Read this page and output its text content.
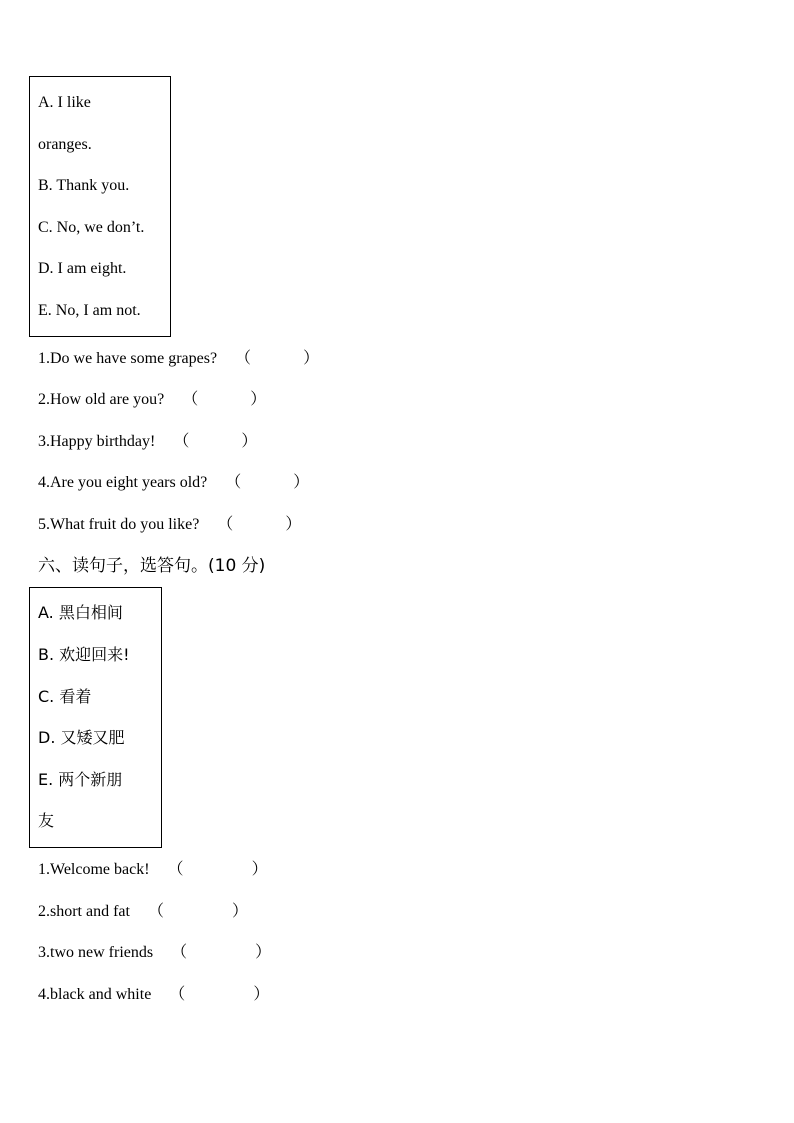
A. I like
oranges.
B. Thank you.
C. No, we don’t.
D. I am eight.
E. No, I am not.
1.Do we have some grapes? （	）
2.How old are you? （	）
3.Happy birthday! （	）
4.Are you eight years old? （	）
5.What fruit do you like? （	）
六、读句子，选答句。(10 分)
A. 黑白相间
B. 欢迎回来!
C. 看着
D. 又矮又肥
E. 两个新朋
友
1.Welcome back! （	）
2.short and fat （	）
3.two new friends （	）
4.black and white （	）
